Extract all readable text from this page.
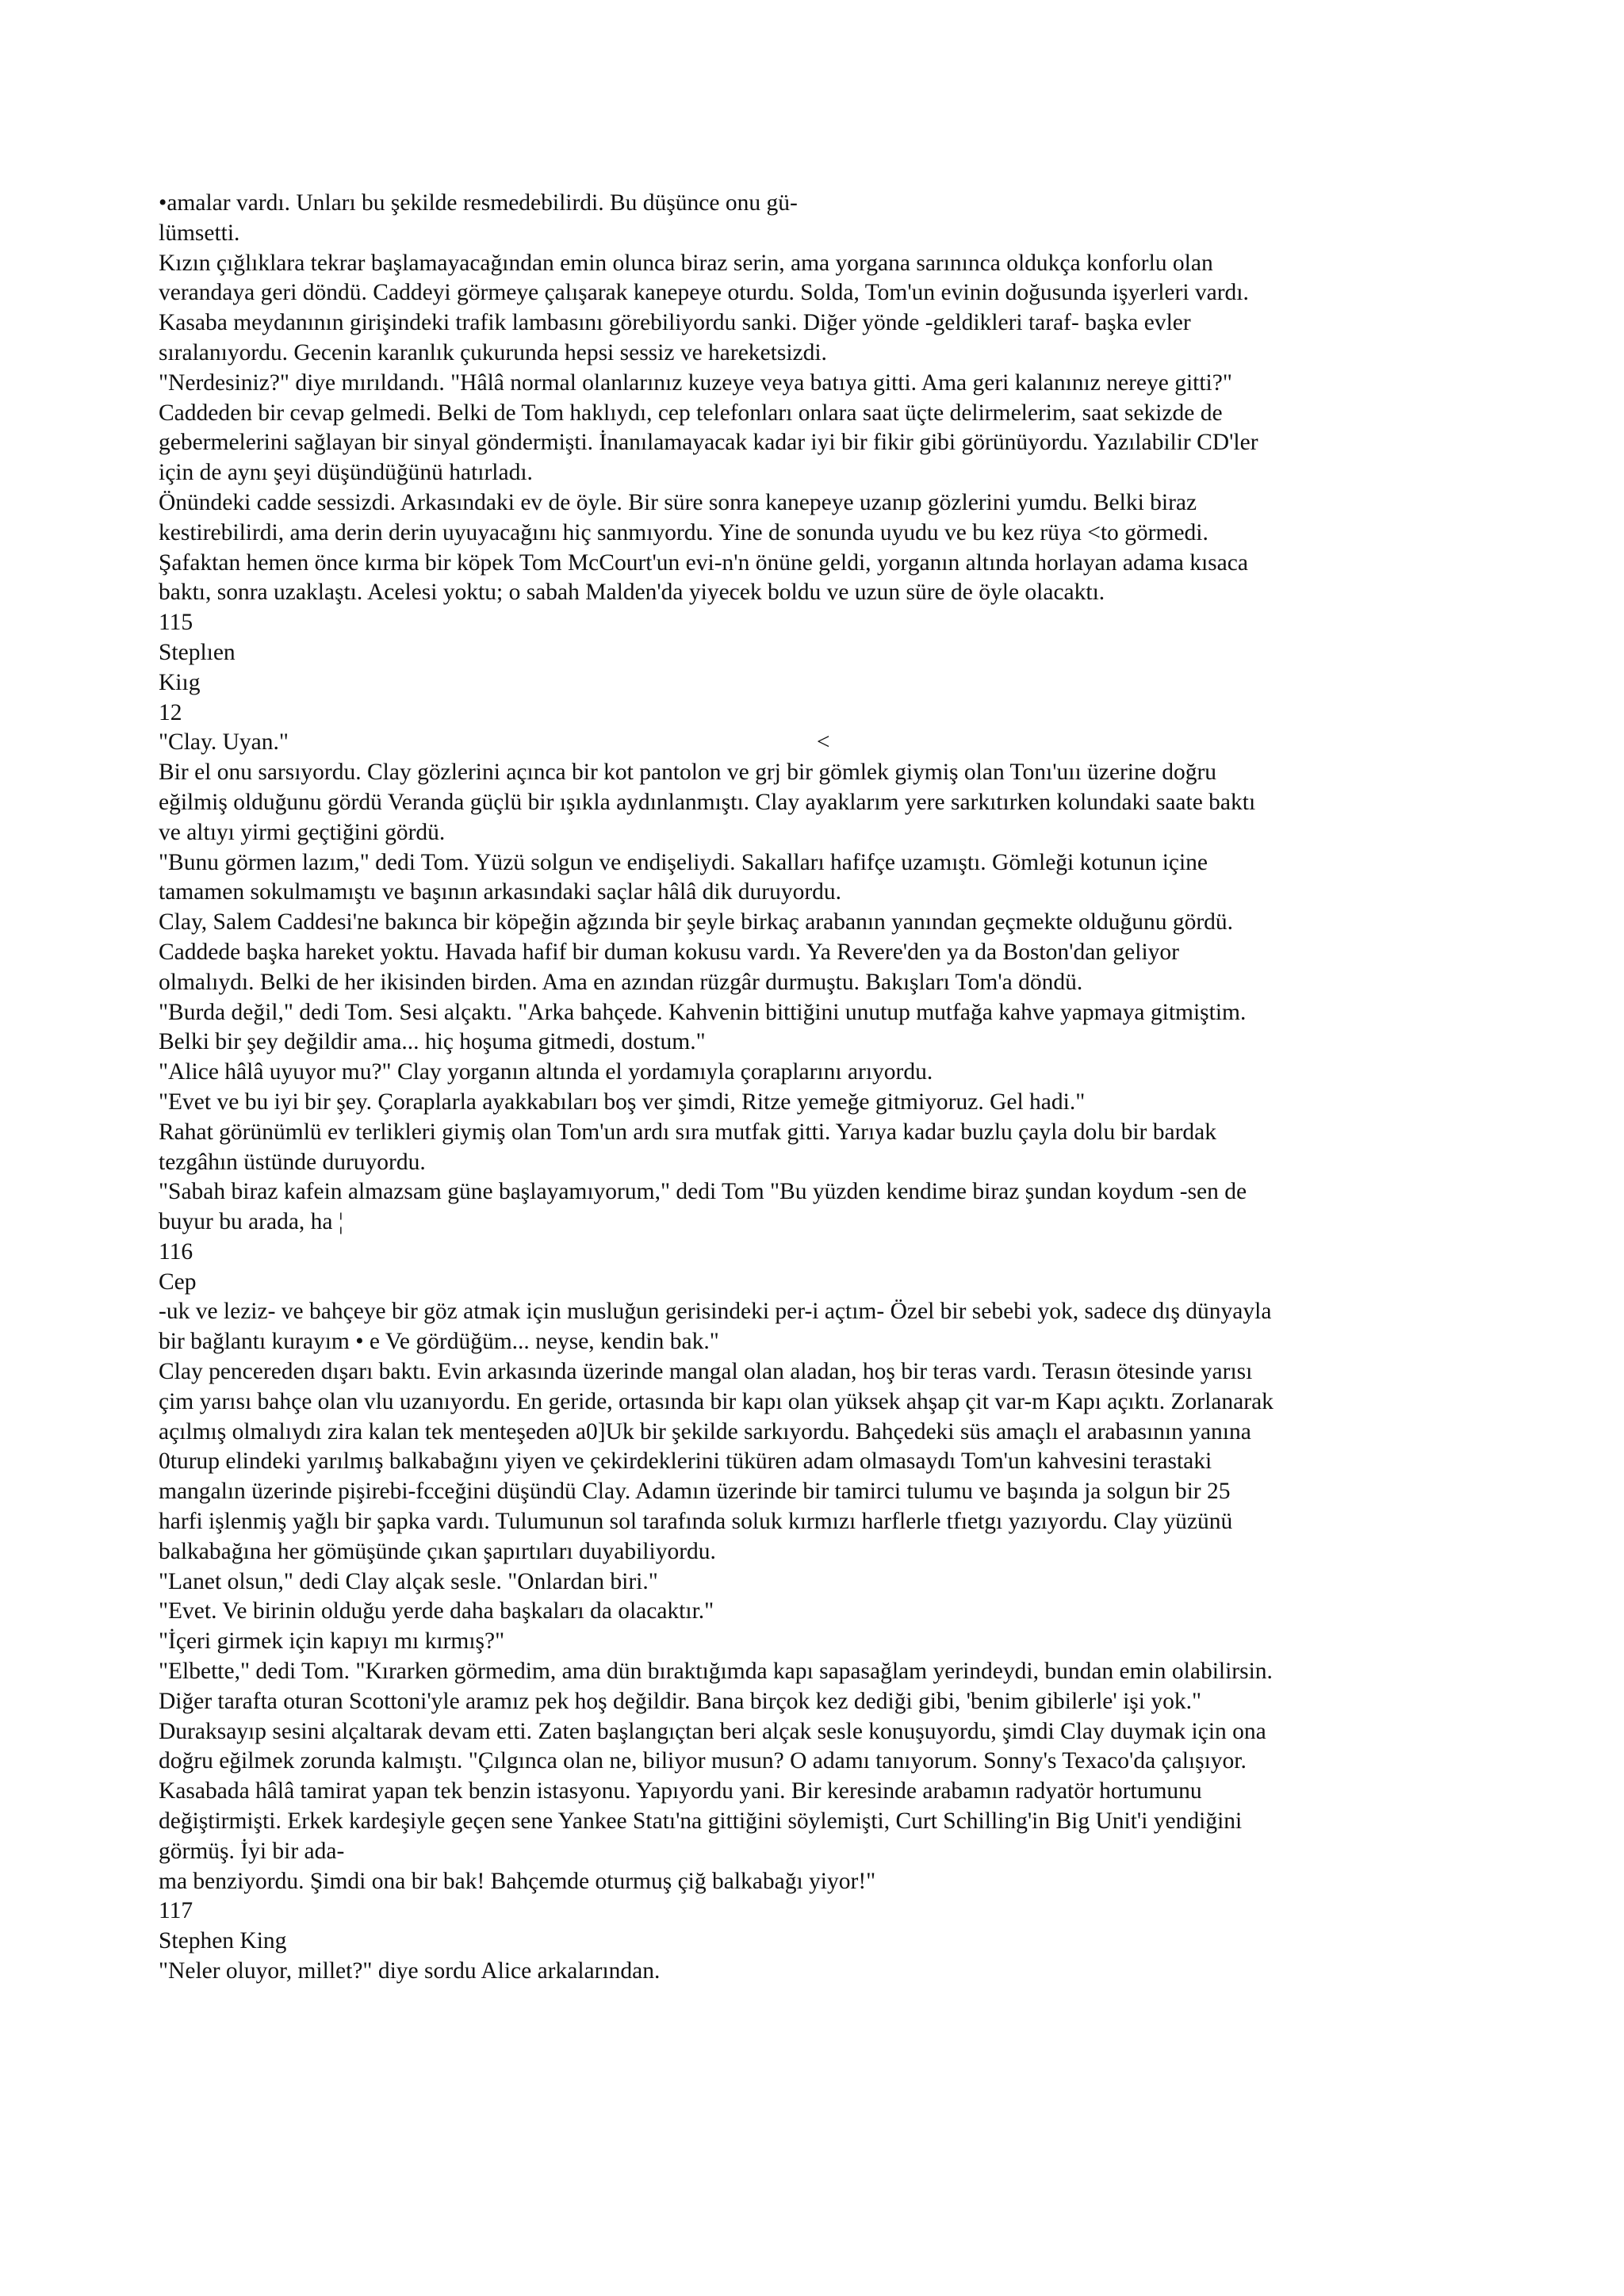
•amalar vardı. Unları bu şekilde resmedebilirdi. Bu düşünce onu gü-
lümsetti.
Kızın çığlıklara tekrar başlamayacağından emin olunca biraz serin, ama yorgana sarınınca oldukça konforlu olan
verandaya geri döndü. Caddeyi görmeye çalışarak kanepeye oturdu. Solda, Tom'un evinin doğusunda işyerleri vardı.
Kasaba meydanının girişindeki trafik lambasını görebiliyordu sanki. Diğer yönde -geldikleri taraf- başka evler
sıralanıyordu. Gecenin karanlık çukurunda hepsi sessiz ve hareketsizdi.
"Nerdesiniz?" diye mırıldandı. "Hâlâ normal olanlarınız kuzeye veya batıya gitti. Ama geri kalanınız nereye gitti?"
Caddeden bir cevap gelmedi. Belki de Tom haklıydı, cep telefonları onlara saat üçte delirmelerim, saat sekizde de
gebermelerini sağlayan bir sinyal göndermişti. İnanılamayacak kadar iyi bir fikir gibi görünüyordu. Yazılabilir CD'ler
için de aynı şeyi düşündüğünü hatırladı.
Önündeki cadde sessizdi. Arkasındaki ev de öyle. Bir süre sonra kanepeye uzanıp gözlerini yumdu. Belki biraz
kestirebilirdi, ama derin derin uyuyacağını hiç sanmıyordu. Yine de sonunda uyudu ve bu kez rüya <to görmedi.
Şafaktan hemen önce kırma bir köpek Tom McCourt'un evi-n'n önüne geldi, yorganın altında horlayan adama kısaca
baktı, sonra uzaklaştı. Acelesi yoktu; o sabah Malden'da yiyecek boldu ve uzun süre de öyle olacaktı.
115
Steplıen
Kiıg
12
"Clay. Uyan."	<
Bir el onu sarsıyordu. Clay gözlerini açınca bir kot pantolon ve grj bir gömlek giymiş olan Tonı'uıı üzerine doğru
eğilmiş olduğunu gördü Veranda güçlü bir ışıkla aydınlanmıştı. Clay ayaklarım yere sarkıtırken kolundaki saate baktı
ve altıyı yirmi geçtiğini gördü.
"Bunu görmen lazım," dedi Tom. Yüzü solgun ve endişeliydi. Sakalları hafifçe uzamıştı. Gömleği kotunun içine
tamamen sokulmamıştı ve başının arkasındaki saçlar hâlâ dik duruyordu.
Clay, Salem Caddesi'ne bakınca bir köpeğin ağzında bir şeyle birkaç arabanın yanından geçmekte olduğunu gördü.
Caddede başka hareket yoktu. Havada hafif bir duman kokusu vardı. Ya Revere'den ya da Boston'dan geliyor
olmalıydı. Belki de her ikisinden birden. Ama en azından rüzgâr durmuştu. Bakışları Tom'a döndü.
"Burda değil," dedi Tom. Sesi alçaktı. "Arka bahçede. Kahvenin bittiğini unutup mutfağa kahve yapmaya gitmiştim.
Belki bir şey değildir ama... hiç hoşuma gitmedi, dostum."
"Alice hâlâ uyuyor mu?" Clay yorganın altında el yordamıyla çoraplarını arıyordu.
"Evet ve bu iyi bir şey. Çoraplarla ayakkabıları boş ver şimdi, Ritze yemeğe gitmiyoruz. Gel hadi."
Rahat görünümlü ev terlikleri giymiş olan Tom'un ardı sıra mutfak gitti. Yarıya kadar buzlu çayla dolu bir bardak
tezgâhın üstünde duruyordu.
"Sabah biraz kafein almazsam güne başlayamıyorum," dedi Tom "Bu yüzden kendime biraz şundan koydum -sen de
buyur bu arada, ha ¦
116
Cep
-uk ve leziz- ve bahçeye bir göz atmak için musluğun gerisindeki per-i açtım- Özel bir sebebi yok, sadece dış dünyayla
bir bağlantı kurayım • e Ve gördüğüm... neyse, kendin bak."
Clay pencereden dışarı baktı. Evin arkasında üzerinde mangal olan aladan, hoş bir teras vardı. Terasın ötesinde yarısı
çim yarısı bahçe olan vlu uzanıyordu. En geride, ortasında bir kapı olan yüksek ahşap çit var-m Kapı açıktı. Zorlanarak
açılmış olmalıydı zira kalan tek menteşeden a0]Uk bir şekilde sarkıyordu. Bahçedeki süs amaçlı el arabasının yanına
0turup elindeki yarılmış balkabağını yiyen ve çekirdeklerini tüküren adam olmasaydı Tom'un kahvesini terastaki
mangalın üzerinde pişirebi-fcceğini düşündü Clay. Adamın üzerinde bir tamirci tulumu ve başında ja solgun bir 25
harfi işlenmiş yağlı bir şapka vardı. Tulumunun sol tarafında soluk kırmızı harflerle tfıetgı yazıyordu. Clay yüzünü
balkabağına her gömüşünde çıkan şapırtıları duyabiliyordu.
"Lanet olsun," dedi Clay alçak sesle. "Onlardan biri."
"Evet. Ve birinin olduğu yerde daha başkaları da olacaktır."
"İçeri girmek için kapıyı mı kırmış?"
"Elbette," dedi Tom. "Kırarken görmedim, ama dün bıraktığımda kapı sapasağlam yerindeydi, bundan emin olabilirsin.
Diğer tarafta oturan Scottoni'yle aramız pek hoş değildir. Bana birçok kez dediği gibi, 'benim gibilerle' işi yok."
Duraksayıp sesini alçaltarak devam etti. Zaten başlangıçtan beri alçak sesle konuşuyordu, şimdi Clay duymak için ona
doğru eğilmek zorunda kalmıştı. "Çılgınca olan ne, biliyor musun? O adamı tanıyorum. Sonny's Texaco'da çalışıyor.
Kasabada hâlâ tamirat yapan tek benzin istasyonu. Yapıyordu yani. Bir keresinde arabamın radyatör hortumunu
değiştirmişti. Erkek kardeşiyle geçen sene Yankee Statı'na gittiğini söylemişti, Curt Schilling'in Big Unit'i yendiğini
görmüş. İyi bir ada-
ma benziyordu. Şimdi ona bir bak! Bahçemde oturmuş çiğ balkabağı yiyor!"
117
Stephen King
"Neler oluyor, millet?" diye sordu Alice arkalarından.
